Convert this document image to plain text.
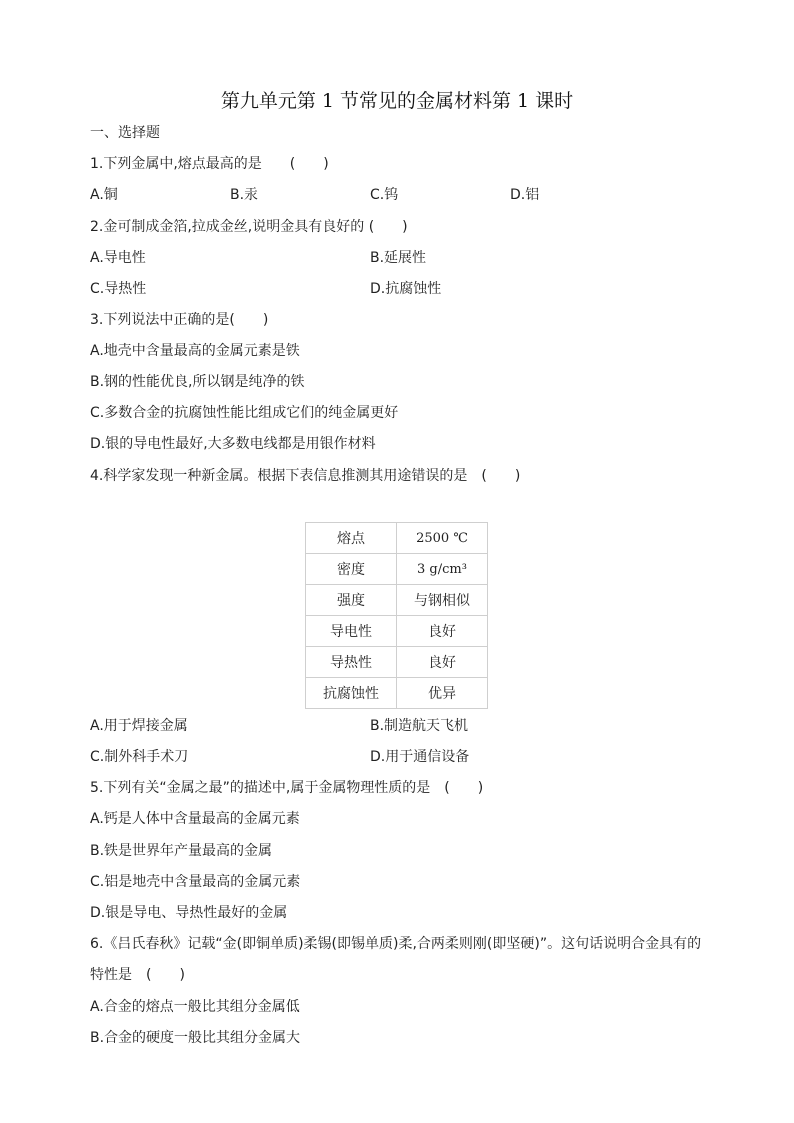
第九单元第 1 节常见的金属材料第 1 课时
一、选择题
1.下列金属中,熔点最高的是　　(　　)
A.铜	B.汞	C.钨	D.铝
2.金可制成金箔,拉成金丝,说明金具有良好的 (　　)
A.导电性	B.延展性
C.导热性	D.抗腐蚀性
3.下列说法中正确的是(　　)
A.地壳中含量最高的金属元素是铁
B.钢的性能优良,所以钢是纯净的铁
C.多数合金的抗腐蚀性能比组成它们的纯金属更好
D.银的导电性最好,大多数电线都是用银作材料
4.科学家发现一种新金属。根据下表信息推测其用途错误的是　(　　)
熔点	2500 ℃
密度	3 g/cm³
强度	与钢相似
导电性	良好
导热性	良好
抗腐蚀性	优异
A.用于焊接金属	B.制造航天飞机
C.制外科手术刀	D.用于通信设备
5.下列有关“金属之最”的描述中,属于金属物理性质的是　(　　)
A.钙是人体中含量最高的金属元素
B.铁是世界年产量最高的金属
C.铝是地壳中含量最高的金属元素
D.银是导电、导热性最好的金属
6.《吕氏春秋》记载“金(即铜单质)柔锡(即锡单质)柔,合两柔则刚(即坚硬)”。这句话说明合金具有的
特性是　(　　)
A.合金的熔点一般比其组分金属低
B.合金的硬度一般比其组分金属大
